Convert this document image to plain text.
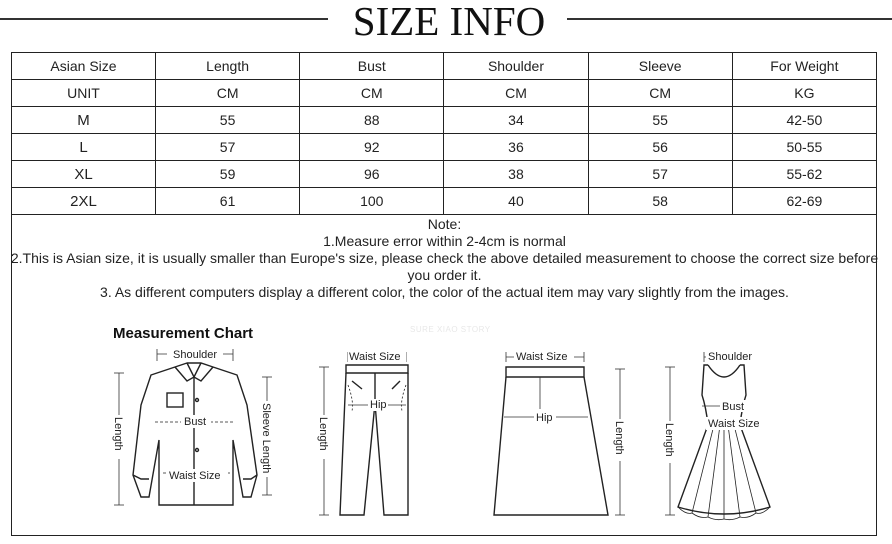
SIZE INFO
Asian Size	Length	Bust	Shoulder	Sleeve	For Weight
UNIT	CM	CM	CM	CM	KG
M	55	88	34	55	42-50
L	57	92	36	56	50-55
XL	59	96	38	57	55-62
2XL	61	100	40	58	62-69
Note:
1.Measure error within 2-4cm is normal
2.This is Asian size, it is usually smaller than Europe's size, please check the above detailed measurement to choose the correct size before you order it.
3. As different computers display a different color, the color of the actual item may vary slightly from the images.
SURE XIAO STORY
Measurement Chart
Shoulder
Bust
Waist Size
Length	Sleeve Length
Waist Size
Hip
Length
Waist Size
Hip
Length
Shoulder
Bust
Waist Size
Length
